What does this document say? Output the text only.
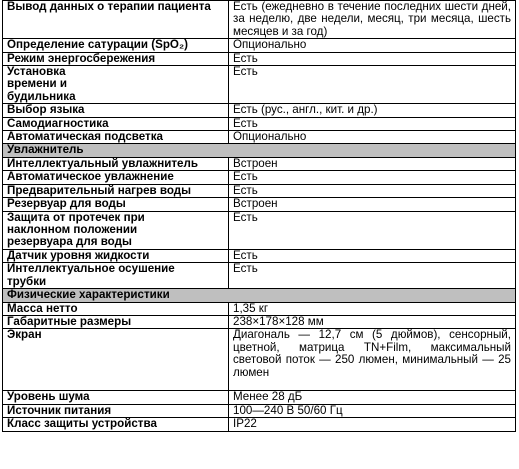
Вывод данных о терапии пациента	Есть (ежедневно в течение последних шести дней, за неделю, две недели, месяц, три месяца, шесть месяцев и за год)
Определение сатурации (SpO₂)	Опционально
Режим энергосбережения	Есть
Установка времени и будильника	Есть
Выбор языка	Есть (рус., англ., кит. и др.)
Самодиагностика	Есть
Автоматическая подсветка	Опционально
Увлажнитель	
Интеллектуальный увлажнитель	Встроен
Автоматическое увлажнение	Есть
Предварительный нагрев воды	Есть
Резервуар для воды	Встроен
Защита от протечек при наклонном положении резервуара для воды	Есть
Датчик уровня жидкости	Есть
Интеллектуальное осушение трубки	Есть
Физические характеристики	
Масса нетто	1,35 кг
Габаритные размеры	238×178×128 мм
Экран	Диагональ — 12,7 см (5 дюймов), сенсорный, цветной, матрица TN+Film, максимальный световой поток — 250 люмен, минимальный — 25 люмен
Уровень шума	Менее 28 дБ
Источник питания	100—240 В 50/60 Гц
Класс защиты устройства	IP22
